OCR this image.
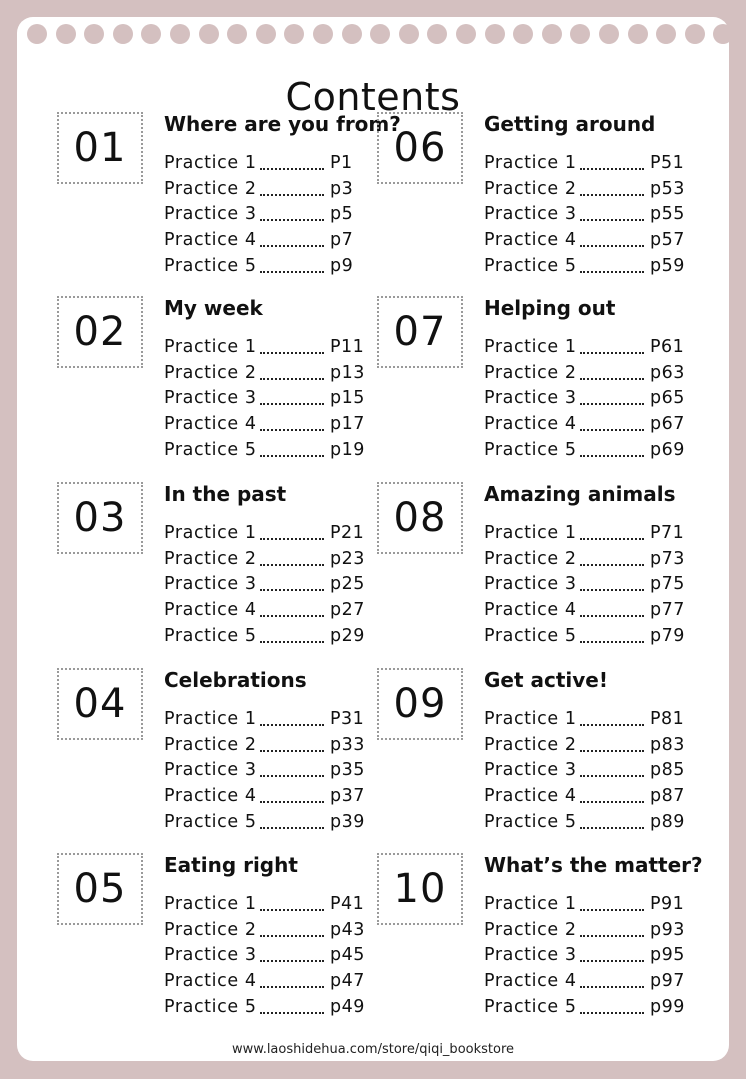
Contents
01
Where are you from?
Practice 1	P1
Practice 2	p3
Practice 3	p5
Practice 4	p7
Practice 5	p9
02
My week
Practice 1	P11
Practice 2	p13
Practice 3	p15
Practice 4	p17
Practice 5	p19
03
In the past
Practice 1	P21
Practice 2	p23
Practice 3	p25
Practice 4	p27
Practice 5	p29
04
Celebrations
Practice 1	P31
Practice 2	p33
Practice 3	p35
Practice 4	p37
Practice 5	p39
05
Eating right
Practice 1	P41
Practice 2	p43
Practice 3	p45
Practice 4	p47
Practice 5	p49
06
Getting around
Practice 1	P51
Practice 2	p53
Practice 3	p55
Practice 4	p57
Practice 5	p59
07
Helping out
Practice 1	P61
Practice 2	p63
Practice 3	p65
Practice 4	p67
Practice 5	p69
08
Amazing animals
Practice 1	P71
Practice 2	p73
Practice 3	p75
Practice 4	p77
Practice 5	p79
09
Get active!
Practice 1	P81
Practice 2	p83
Practice 3	p85
Practice 4	p87
Practice 5	p89
10
What’s the matter?
Practice 1	P91
Practice 2	p93
Practice 3	p95
Practice 4	p97
Practice 5	p99
www.laoshidehua.com/store/qiqi_bookstore
